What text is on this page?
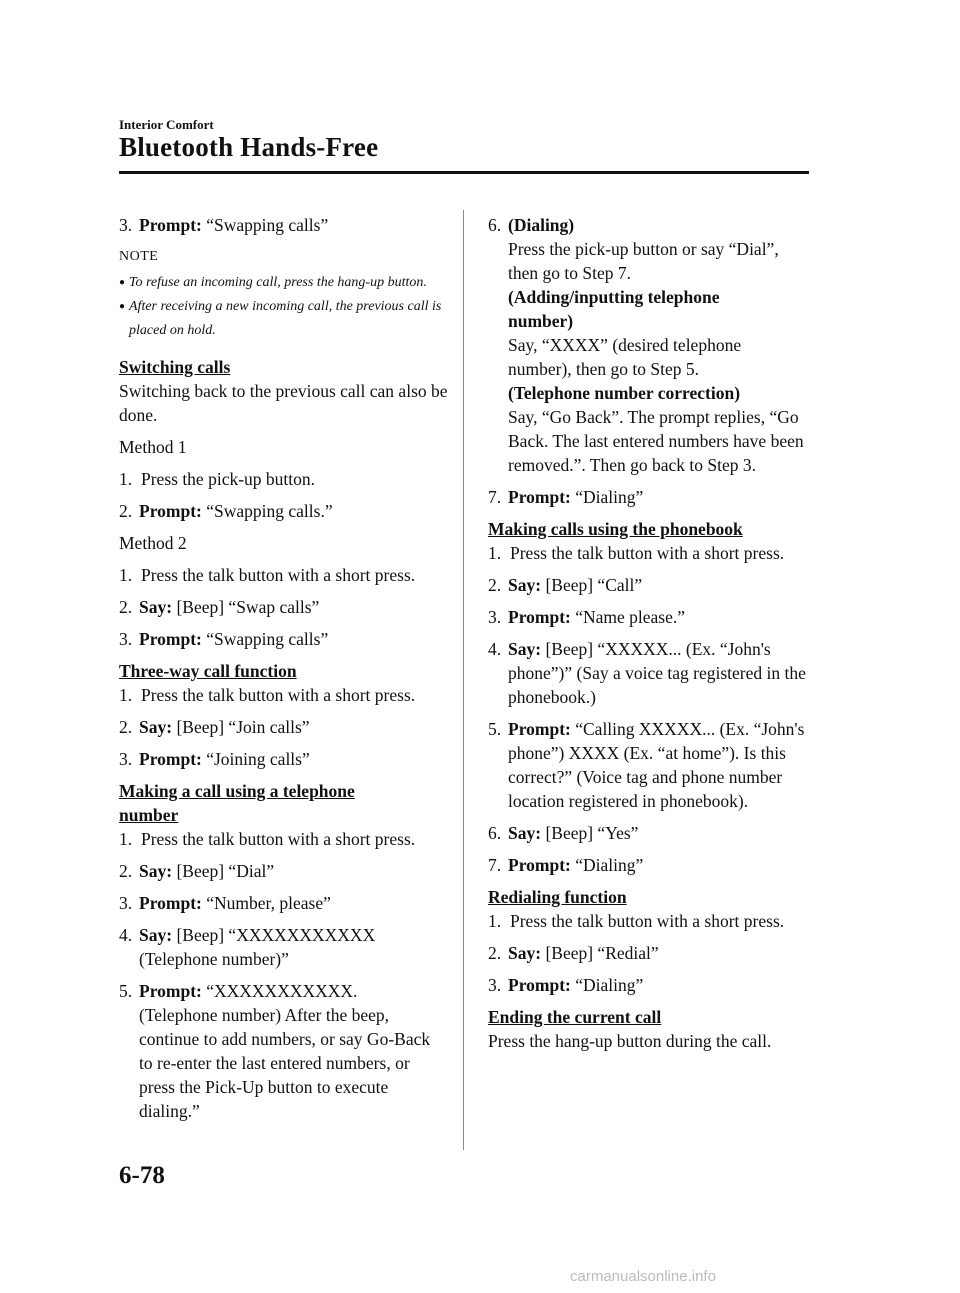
Interior Comfort
Bluetooth Hands-Free
3. Prompt: “Swapping calls”

NOTE

● To refuse an incoming call, press the hang-up button.
● After receiving a new incoming call, the previous call is placed on hold.

Switching calls

Switching back to the previous call can also be done.

Method 1

1. Press the pick-up button.
2. Prompt: “Swapping calls.”

Method 2

1. Press the talk button with a short press.
2. Say: [Beep] “Swap calls”
3. Prompt: “Swapping calls”

Three-way call function

1. Press the talk button with a short press.
2. Say: [Beep] “Join calls”
3. Prompt: “Joining calls”

Making a call using a telephone number

1. Press the talk button with a short press.
2. Say: [Beep] “Dial”
3. Prompt: “Number, please”
4. Say: [Beep] “XXXXXXXXXXX (Telephone number)”
5. Prompt: “XXXXXXXXXXX. (Telephone number) After the beep, continue to add numbers, or say Go-Back to re-enter the last entered numbers, or press the Pick-Up button to execute dialing.”
6. (Dialing)
Press the pick-up button or say “Dial”, then go to Step 7.
(Adding/inputting telephone number)
Say, “XXXX” (desired telephone number), then go to Step 5.
(Telephone number correction)
Say, “Go Back”. The prompt replies, “Go Back. The last entered numbers have been removed.”. Then go back to Step 3.
7. Prompt: “Dialing”

Making calls using the phonebook

1. Press the talk button with a short press.
2. Say: [Beep] “Call”
3. Prompt: “Name please.”
4. Say: [Beep] “XXXXX... (Ex. “John's phone”)” (Say a voice tag registered in the phonebook.)
5. Prompt: “Calling XXXXX... (Ex. “John's phone”) XXXX (Ex. “at home”). Is this correct?” (Voice tag and phone number location registered in phonebook).
6. Say: [Beep] “Yes”
7. Prompt: “Dialing”

Redialing function

1. Press the talk button with a short press.
2. Say: [Beep] “Redial”
3. Prompt: “Dialing”

Ending the current call

Press the hang-up button during the call.

6-78
carmanualsonline.info
